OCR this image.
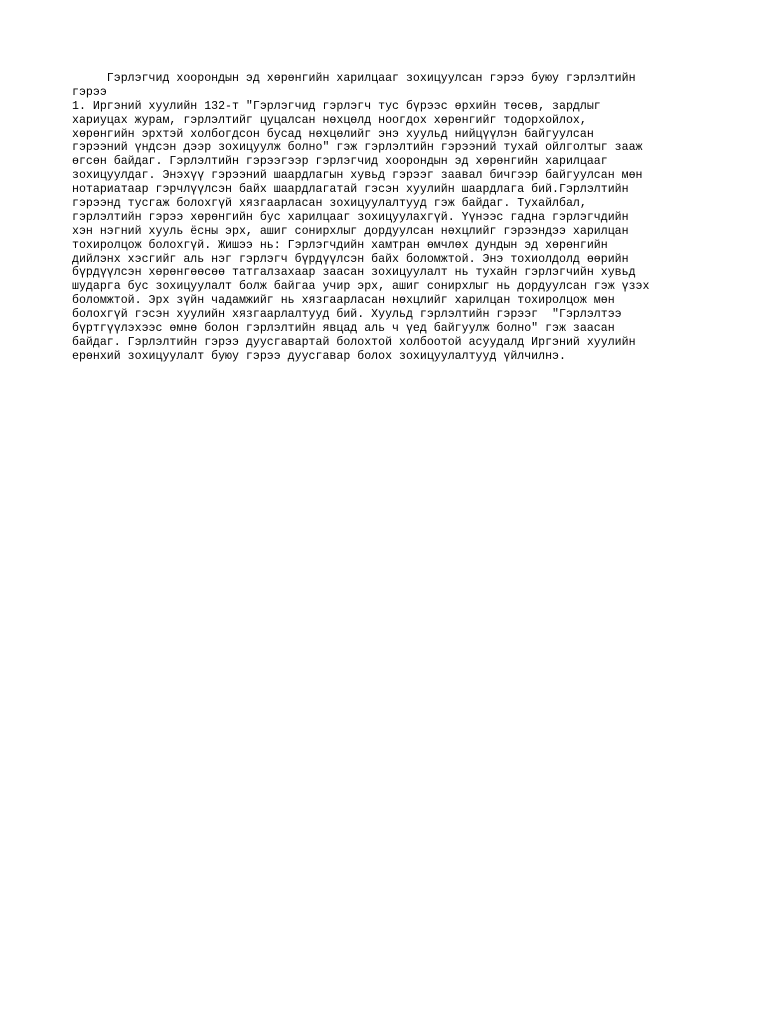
Гэрлэгчид хоорондын эд хөрөнгийн харилцааг зохицуулсан гэрээ буюу гэрлэлтийн
гэрээ
1. Иргэний хуулийн 132-т "Гэрлэгчид гэрлэгч тус бүрээс өрхийн төсөв, зардлыг
хариуцах журам, гэрлэлтийг цуцалсан нөхцөлд ноогдох хөрөнгийг тодорхойлох,
хөрөнгийн эрхтэй холбогдсон бусад нөхцөлийг энэ хуульд нийцүүлэн байгуулсан
гэрээний үндсэн дээр зохицуулж болно" гэж гэрлэлтийн гэрээний тухай ойлголтыг зааж
өгсөн байдаг. Гэрлэлтийн гэрээгээр гэрлэгчид хоорондын эд хөрөнгийн харилцааг
зохицуулдаг. Энэхүү гэрээний шаардлагын хувьд гэрээг заавал бичгээр байгуулсан мөн
нотариатаар гэрчлүүлсэн байх шаардлагатай гэсэн хуулийн шаардлага бий.Гэрлэлтийн
гэрээнд тусгаж болохгүй хязгаарласан зохицуулалтууд гэж байдаг. Тухайлбал,
гэрлэлтийн гэрээ хөрөнгийн бус харилцааг зохицуулахгүй. Үүнээс гадна гэрлэгчдийн
хэн нэгний хууль ёсны эрх, ашиг сонирхлыг дордуулсан нөхцлийг гэрээндээ харилцан
тохиролцож болохгүй. Жишээ нь: Гэрлэгчдийн хамтран өмчлөх дундын эд хөрөнгийн
дийлэнх хэсгийг аль нэг гэрлэгч бүрдүүлсэн байх боломжтой. Энэ тохиолдолд өөрийн
бүрдүүлсэн хөрөнгөөсөө татгалзахаар заасан зохицуулалт нь тухайн гэрлэгчийн хувьд
шударга бус зохицуулалт болж байгаа учир эрх, ашиг сонирхлыг нь дордуулсан гэж үзэх
боломжтой. Эрх зүйн чадамжийг нь хязгаарласан нөхцлийг харилцан тохиролцож мөн
болохгүй гэсэн хуулийн хязгаарлалтууд бий. Хуульд гэрлэлтийн гэрээг  "Гэрлэлтээ
бүртгүүлэхээс өмнө болон гэрлэлтийн явцад аль ч үед байгуулж болно" гэж заасан
байдаг. Гэрлэлтийн гэрээ дуусгавартай болохтой холбоотой асуудалд Иргэний хуулийн
ерөнхий зохицуулалт буюу гэрээ дуусгавар болох зохицуулалтууд үйлчилнэ.
